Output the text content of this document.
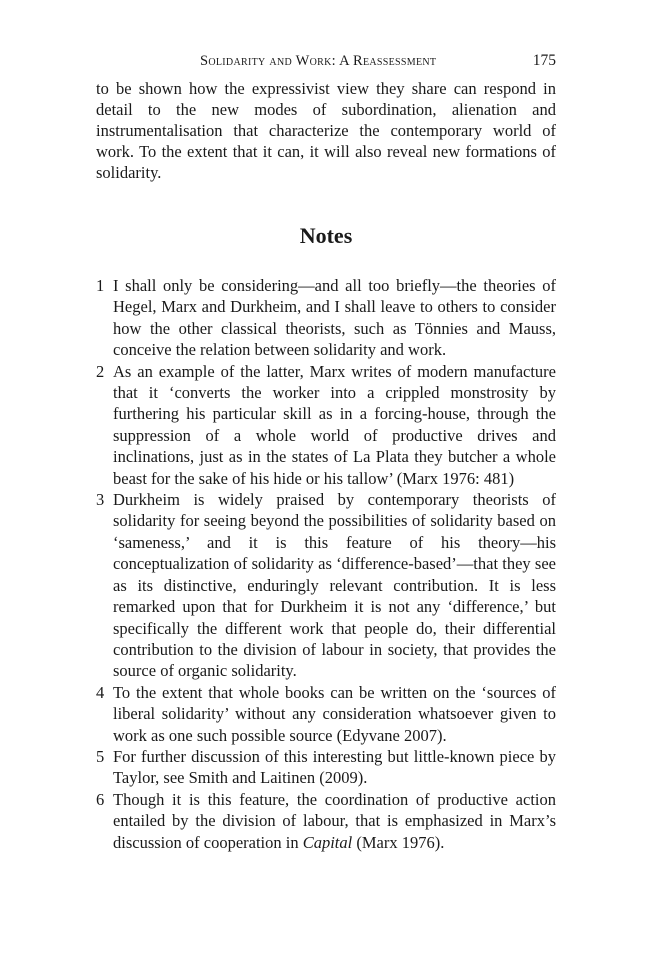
Solidarity and Work: A Reassessment	175

to be shown how the expressivist view they share can respond in detail to the new modes of subordination, alienation and instrumentalisation that characterize the contemporary world of work. To the extent that it can, it will also reveal new formations of solidarity.

Notes
1 I shall only be considering—and all too briefly—the theories of Hegel, Marx and Durkheim, and I shall leave to others to consider how the other classical theorists, such as Tönnies and Mauss, conceive the relation between solidarity and work.
2 As an example of the latter, Marx writes of modern manufacture that it ‘converts the worker into a crippled monstrosity by furthering his particular skill as in a forcing-house, through the suppression of a whole world of productive drives and inclinations, just as in the states of La Plata they butcher a whole beast for the sake of his hide or his tallow’ (Marx 1976: 481)
3 Durkheim is widely praised by contemporary theorists of solidarity for seeing beyond the possibilities of solidarity based on ‘sameness,’ and it is this feature of his theory—his conceptualization of solidarity as ‘difference-based’—that they see as its distinctive, enduringly relevant contribution. It is less remarked upon that for Durkheim it is not any ‘difference,’ but specifically the different work that people do, their differential contribution to the division of labour in society, that provides the source of organic solidarity.
4 To the extent that whole books can be written on the ‘sources of liberal solidarity’ without any consideration whatsoever given to work as one such possible source (Edyvane 2007).
5 For further discussion of this interesting but little-known piece by Taylor, see Smith and Laitinen (2009).
6 Though it is this feature, the coordination of productive action entailed by the division of labour, that is emphasized in Marx’s discussion of cooperation in Capital (Marx 1976).
